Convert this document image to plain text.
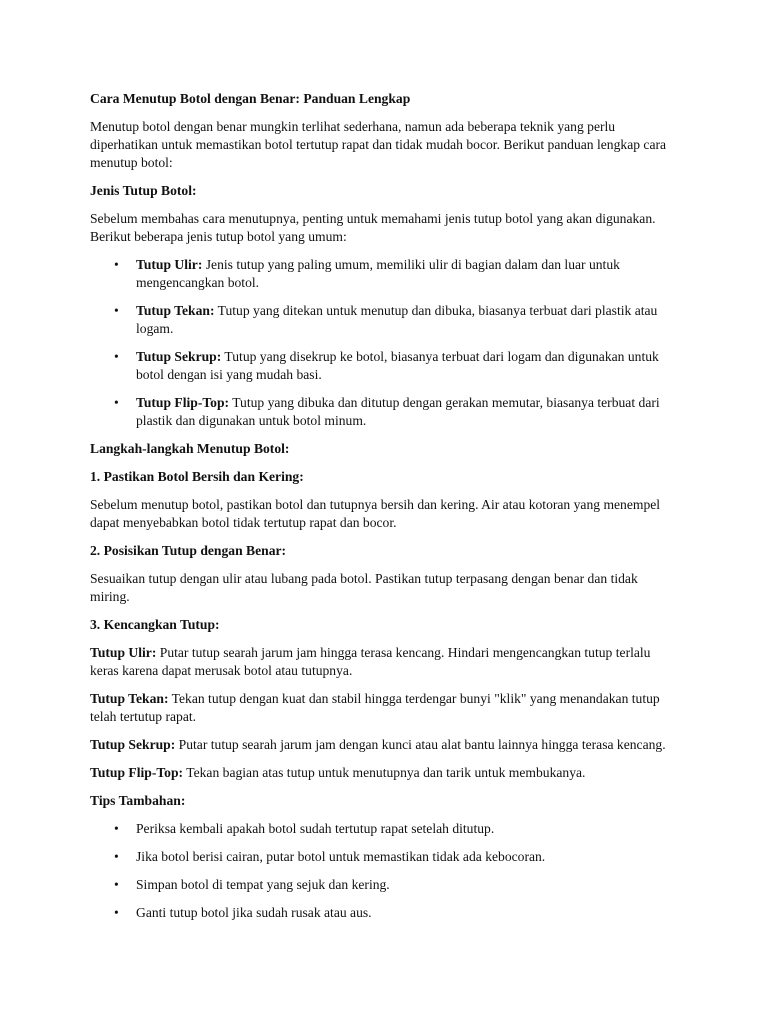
Cara Menutup Botol dengan Benar: Panduan Lengkap

Menutup botol dengan benar mungkin terlihat sederhana, namun ada beberapa teknik yang perlu diperhatikan untuk memastikan botol tertutup rapat dan tidak mudah bocor. Berikut panduan lengkap cara menutup botol:

Jenis Tutup Botol:

Sebelum membahas cara menutupnya, penting untuk memahami jenis tutup botol yang akan digunakan. Berikut beberapa jenis tutup botol yang umum:

• Tutup Ulir: Jenis tutup yang paling umum, memiliki ulir di bagian dalam dan luar untuk mengencangkan botol.
• Tutup Tekan: Tutup yang ditekan untuk menutup dan dibuka, biasanya terbuat dari plastik atau logam.
• Tutup Sekrup: Tutup yang disekrup ke botol, biasanya terbuat dari logam dan digunakan untuk botol dengan isi yang mudah basi.
• Tutup Flip-Top: Tutup yang dibuka dan ditutup dengan gerakan memutar, biasanya terbuat dari plastik dan digunakan untuk botol minum.
Langkah-langkah Menutup Botol:
1. Pastikan Botol Bersih dan Kering:

Sebelum menutup botol, pastikan botol dan tutupnya bersih dan kering. Air atau kotoran yang menempel dapat menyebabkan botol tidak tertutup rapat dan bocor.

2. Posisikan Tutup dengan Benar:

Sesuaikan tutup dengan ulir atau lubang pada botol. Pastikan tutup terpasang dengan benar dan tidak miring.

3. Kencangkan Tutup:

Tutup Ulir: Putar tutup searah jarum jam hingga terasa kencang. Hindari mengencangkan tutup terlalu keras karena dapat merusak botol atau tutupnya.

Tutup Tekan: Tekan tutup dengan kuat dan stabil hingga terdengar bunyi "klik" yang menandakan tutup telah tertutup rapat.

Tutup Sekrup: Putar tutup searah jarum jam dengan kunci atau alat bantu lainnya hingga terasa kencang.

Tutup Flip-Top: Tekan bagian atas tutup untuk menutupnya dan tarik untuk membukanya.

Tips Tambahan:
• Periksa kembali apakah botol sudah tertutup rapat setelah ditutup.
• Jika botol berisi cairan, putar botol untuk memastikan tidak ada kebocoran.
• Simpan botol di tempat yang sejuk dan kering.
• Ganti tutup botol jika sudah rusak atau aus.
